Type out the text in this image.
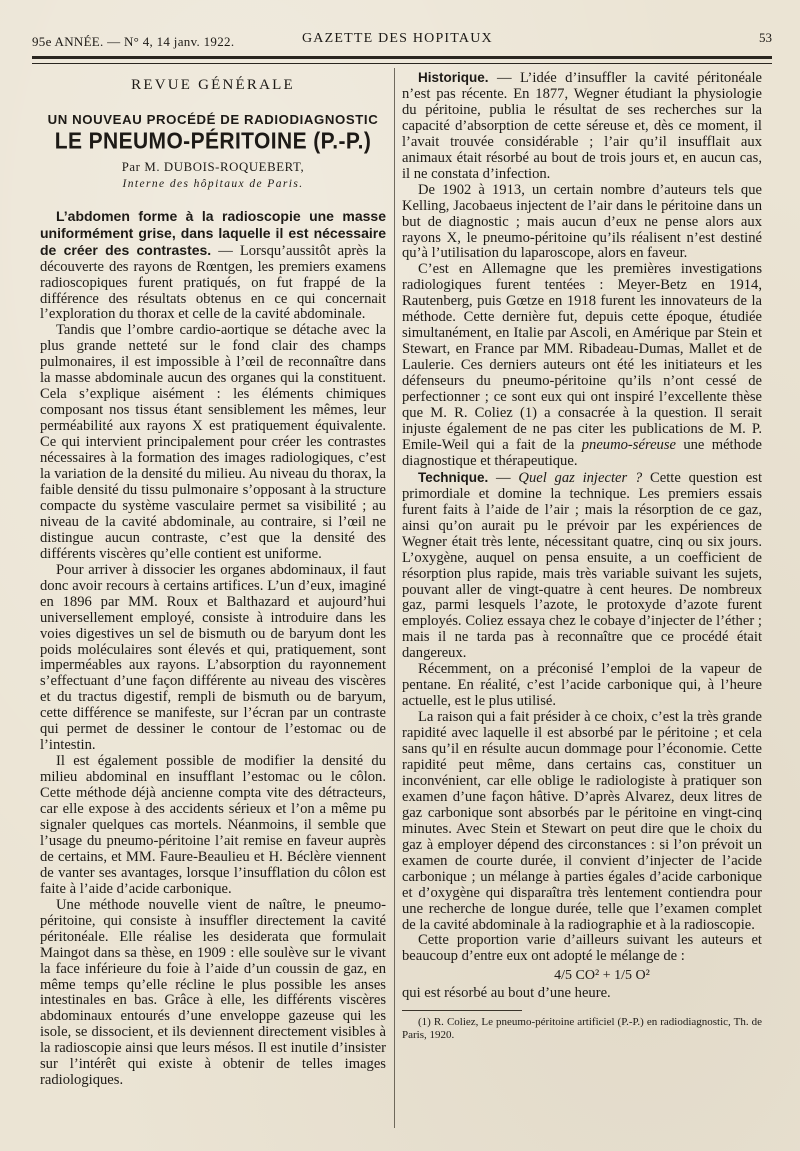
95e ANNÉE. — N° 4, 14 janv. 1922.	GAZETTE DES HOPITAUX	53
REVUE GÉNÉRALE
UN NOUVEAU PROCÉDÉ DE RADIODIAGNOSTIC
LE PNEUMO-PÉRITOINE (P.-P.)
Par M. DUBOIS-ROQUEBERT,
Interne des hôpitaux de Paris.

L’abdomen forme à la radioscopie une masse uniformément grise, dans laquelle il est nécessaire de créer des contrastes. — Lorsqu’aussitôt après la découverte des rayons de Rœntgen, les premiers examens radioscopiques furent pratiqués, on fut frappé de la différence des résultats obtenus en ce qui concernait l’exploration du thorax et celle de la cavité abdominale.

Tandis que l’ombre cardio-aortique se détache avec la plus grande netteté sur le fond clair des champs pulmonaires, il est impossible à l’œil de reconnaître dans la masse abdominale aucun des organes qui la constituent. Cela s’explique aisément : les éléments chimiques composant nos tissus étant sensiblement les mêmes, leur perméabilité aux rayons X est pratiquement équivalente. Ce qui intervient principalement pour créer les contrastes nécessaires à la formation des images radiologiques, c’est la variation de la densité du milieu. Au niveau du thorax, la faible densité du tissu pulmonaire s’opposant à la structure compacte du système vasculaire permet sa visibilité ; au niveau de la cavité abdominale, au contraire, si l’œil ne distingue aucun contraste, c’est que la densité des différents viscères qu’elle contient est uniforme.

Pour arriver à dissocier les organes abdominaux, il faut donc avoir recours à certains artifices. L’un d’eux, imaginé en 1896 par MM. Roux et Balthazard et aujourd’hui universellement employé, consiste à introduire dans les voies digestives un sel de bismuth ou de baryum dont les poids moléculaires sont élevés et qui, pratiquement, sont imperméables aux rayons. L’absorption du rayonnement s’effectuant d’une façon différente au niveau des viscères et du tractus digestif, rempli de bismuth ou de baryum, cette différence se manifeste, sur l’écran par un contraste qui permet de dessiner le contour de l’estomac ou de l’intestin.

Il est également possible de modifier la densité du milieu abdominal en insufflant l’estomac ou le côlon. Cette méthode déjà ancienne compta vite des détracteurs, car elle expose à des accidents sérieux et l’on a même pu signaler quelques cas mortels. Néanmoins, il semble que l’usage du pneumo-péritoine l’ait remise en faveur auprès de certains, et MM. Faure-Beaulieu et H. Béclère viennent de vanter ses avantages, lorsque l’insufflation du côlon est faite à l’aide d’acide carbonique.

Une méthode nouvelle vient de naître, le pneumo-péritoine, qui consiste à insuffler directement la cavité péritonéale. Elle réalise les desiderata que formulait Maingot dans sa thèse, en 1909 : elle soulève sur le vivant la face inférieure du foie à l’aide d’un coussin de gaz, en même temps qu’elle récline le plus possible les anses intestinales en bas. Grâce à elle, les différents viscères abdominaux entourés d’une enveloppe gazeuse qui les isole, se dissocient, et ils deviennent directement visibles à la radioscopie ainsi que leurs mésos. Il est inutile d’insister sur l’intérêt qui existe à obtenir de telles images radiologiques.

Historique. — L’idée d’insuffler la cavité péritonéale n’est pas récente. En 1877, Wegner étudiant la physiologie du péritoine, publia le résultat de ses recherches sur la capacité d’absorption de cette séreuse et, dès ce moment, il l’avait trouvée considérable ; l’air qu’il insufflait aux animaux était résorbé au bout de trois jours et, en aucun cas, il ne constata d’infection.

De 1902 à 1913, un certain nombre d’auteurs tels que Kelling, Jacobaeus injectent de l’air dans le péritoine dans un but de diagnostic ; mais aucun d’eux ne pense alors aux rayons X, le pneumo-péritoine qu’ils réalisent n’est destiné qu’à l’utilisation du laparoscope, alors en faveur.

C’est en Allemagne que les premières investigations radiologiques furent tentées : Meyer-Betz en 1914, Rautenberg, puis Gœtze en 1918 furent les innovateurs de la méthode. Cette dernière fut, depuis cette époque, étudiée simultanément, en Italie par Ascoli, en Amérique par Stein et Stewart, en France par MM. Ribadeau-Dumas, Mallet et de Laulerie. Ces derniers auteurs ont été les initiateurs et les défenseurs du pneumo-péritoine qu’ils n’ont cessé de perfectionner ; ce sont eux qui ont inspiré l’excellente thèse que M. R. Coliez (1) a consacrée à la question. Il serait injuste également de ne pas citer les publications de M. P. Emile-Weil qui a fait de la pneumo-séreuse une méthode diagnostique et thérapeutique.

Technique. — Quel gaz injecter ? Cette question est primordiale et domine la technique. Les premiers essais furent faits à l’aide de l’air ; mais la résorption de ce gaz, ainsi qu’on aurait pu le prévoir par les expériences de Wegner était très lente, nécessitant quatre, cinq ou six jours. L’oxygène, auquel on pensa ensuite, a un coefficient de résorption plus rapide, mais très variable suivant les sujets, pouvant aller de vingt-quatre à cent heures. De nombreux gaz, parmi lesquels l’azote, le protoxyde d’azote furent employés. Coliez essaya chez le cobaye d’injecter de l’éther ; mais il ne tarda pas à reconnaître que ce procédé était dangereux.

Récemment, on a préconisé l’emploi de la vapeur de pentane. En réalité, c’est l’acide carbonique qui, à l’heure actuelle, est le plus utilisé.

La raison qui a fait présider à ce choix, c’est la très grande rapidité avec laquelle il est absorbé par le péritoine ; et cela sans qu’il en résulte aucun dommage pour l’économie. Cette rapidité peut même, dans certains cas, constituer un inconvénient, car elle oblige le radiologiste à pratiquer son examen d’une façon hâtive. D’après Alvarez, deux litres de gaz carbonique sont absorbés par le péritoine en vingt-cinq minutes. Avec Stein et Stewart on peut dire que le choix du gaz à employer dépend des circonstances : si l’on prévoit un examen de courte durée, il convient d’injecter de l’acide carbonique ; un mélange à parties égales d’acide carbonique et d’oxygène qui disparaîtra très lentement contiendra pour une recherche de longue durée, telle que l’examen complet de la cavité abdominale à la radiographie et à la radioscopie.

Cette proportion varie d’ailleurs suivant les auteurs et beaucoup d’entre eux ont adopté le mélange de :

4/5 CO² + 1/5 O²

qui est résorbé au bout d’une heure.

(1) R. Coliez, Le pneumo-péritoine artificiel (P.-P.) en radiodiagnostic, Th. de Paris, 1920.
